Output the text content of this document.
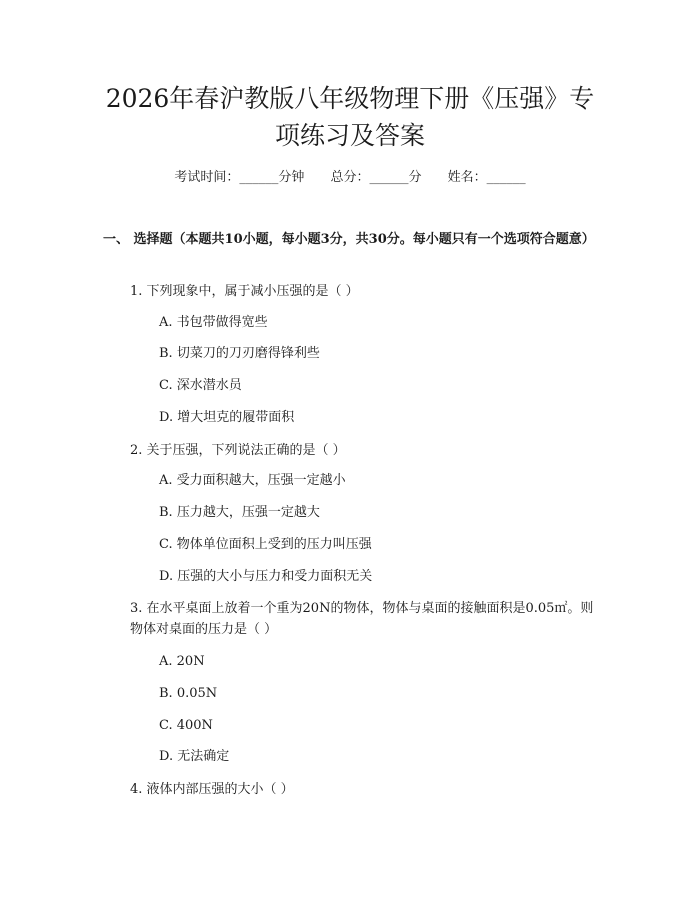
2026年春沪教版八年级物理下册《压强》专
项练习及答案
考试时间：______分钟 总分：______分 姓名：______
一、 选择题（本题共10小题，每小题3分，共30分。每小题只有一个选项符合题意）
1. 下列现象中，属于减小压强的是（ ）
A. 书包带做得宽些
B. 切菜刀的刀刃磨得锋利些
C. 深水潜水员
D. 增大坦克的履带面积
2. 关于压强，下列说法正确的是（ ）
A. 受力面积越大，压强一定越小
B. 压力越大，压强一定越大
C. 物体单位面积上受到的压力叫压强
D. 压强的大小与压力和受力面积无关
3. 在水平桌面上放着一个重为20N的物体，物体与桌面的接触面积是0.05㎡。则物体对桌面的压力是（ ）
A. 20N
B. 0.05N
C. 400N
D. 无法确定
4. 液体内部压强的大小（ ）
